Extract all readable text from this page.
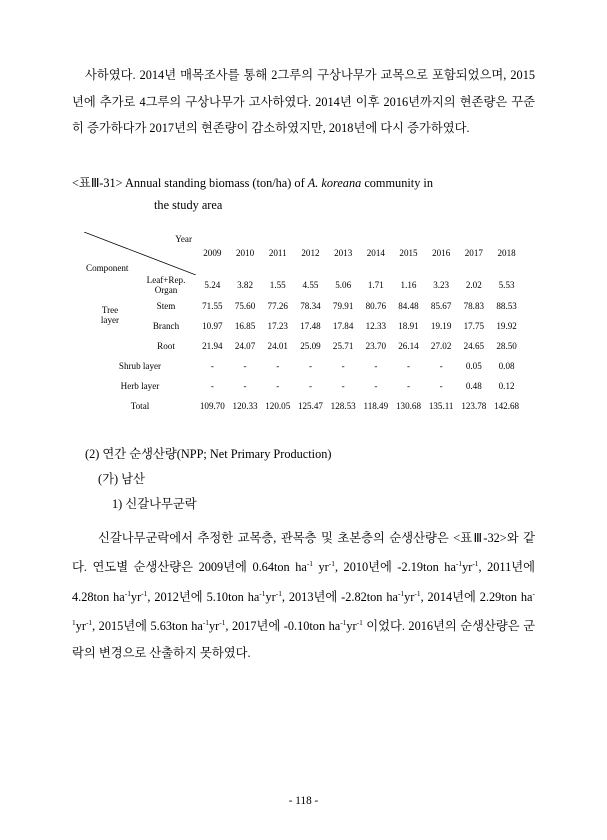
사하였다. 2014년 매목조사를 통해 2그루의 구상나무가 교목으로 포함되었으며, 2015년에 추가로 4그루의 구상나무가 고사하였다. 2014년 이후 2016년까지의 현존량은 꾸준히 증가하다가 2017년의 현존량이 감소하였지만, 2018년에 다시 증가하였다.

<표Ⅲ-31> Annual standing biomass (ton/ha) of A. koreana community in
the study area
Year
Component		2009	2010	2011	2012	2013	2014	2015	2016	2017	2018

Tree
layer

Leaf+Rep.
Organ	5.24	3.82	1.55	4.55	5.06	1.71	1.16	3.23	2.02	5.53
	Stem	71.55	75.60	77.26	78.34	79.91	80.76	84.48	85.67	78.83	88.53
	Branch	10.97	16.85	17.23	17.48	17.84	12.33	18.91	19.19	17.75	19.92
	Root	21.94	24.07	24.01	25.09	25.71	23.70	26.14	27.02	24.65	28.50
Shrub layer		-	-	-	-	-	-	-	-	0.05	0.08
Herb layer		-	-	-	-	-	-	-	-	0.48	0.12
Total		109.70	120.33	120.05	125.47	128.53	118.49	130.68	135.11	123.78	142.68
(2) 연간 순생산량(NPP; Net Primary Production)
(가) 남산
1) 신갈나무군락

신갈나무군락에서 추정한 교목층, 관목층 및 초본층의 순생산량은 <표Ⅲ-32>와 같다. 연도별 순생산량은 2009년에 0.64ton $ha^{-1}$ $yr^{-1}$, 2010년에 ‐2.19ton $ha^{-1}yr^{-1}$, 2011년에 4.28ton $ha^{-1}yr^{-1}$, 2012년에 5.10ton $ha^{-1}yr^{-1}$, 2013년에 ‐2.82ton $ha^{-1}yr^{-1}$, 2014년에 2.29ton $ha^{-1}yr^{-1}$, 2015년에 5.63ton $ha^{-1}yr^{-1}$, 2017년에 ‐0.10ton $ha^{-1}yr^{-1}$ 이었다. 2016년의 순생산량은 군락의 변경으로 산출하지 못하였다.

- 118 -
